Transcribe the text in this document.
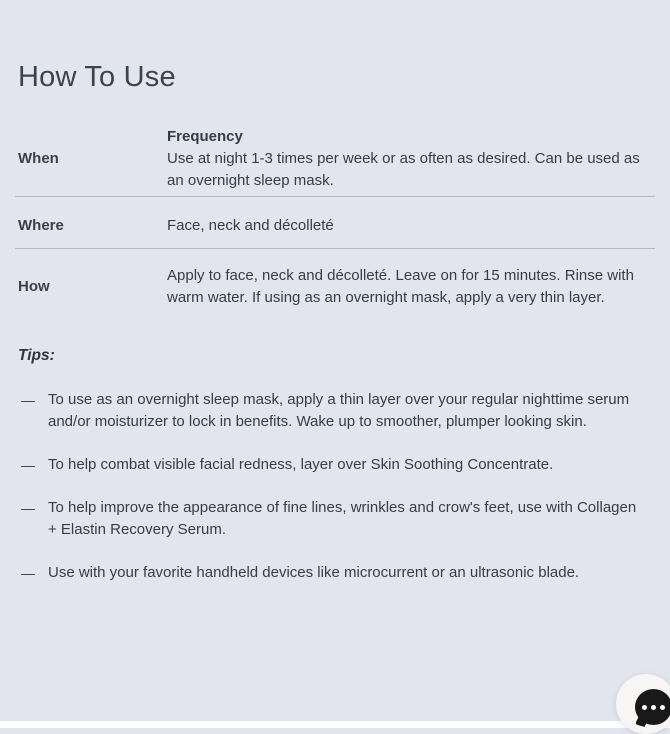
How To Use
When
Frequency
Use at night 1-3 times per week or as often as desired. Can be used as an overnight sleep mask.
Where	Face, neck and décolleté
How
Apply to face, neck and décolleté. Leave on for 15 minutes. Rinse with warm water. If using as an overnight mask, apply a very thin layer.
Tips:
— To use as an overnight sleep mask, apply a thin layer over your regular nighttime serum and/or moisturizer to lock in benefits. Wake up to smoother, plumper looking skin.
— To help combat visible facial redness, layer over Skin Soothing Concentrate.
— To help improve the appearance of fine lines, wrinkles and crow's feet, use with Collagen + Elastin Recovery Serum.
— Use with your favorite handheld devices like microcurrent or an ultrasonic blade.
